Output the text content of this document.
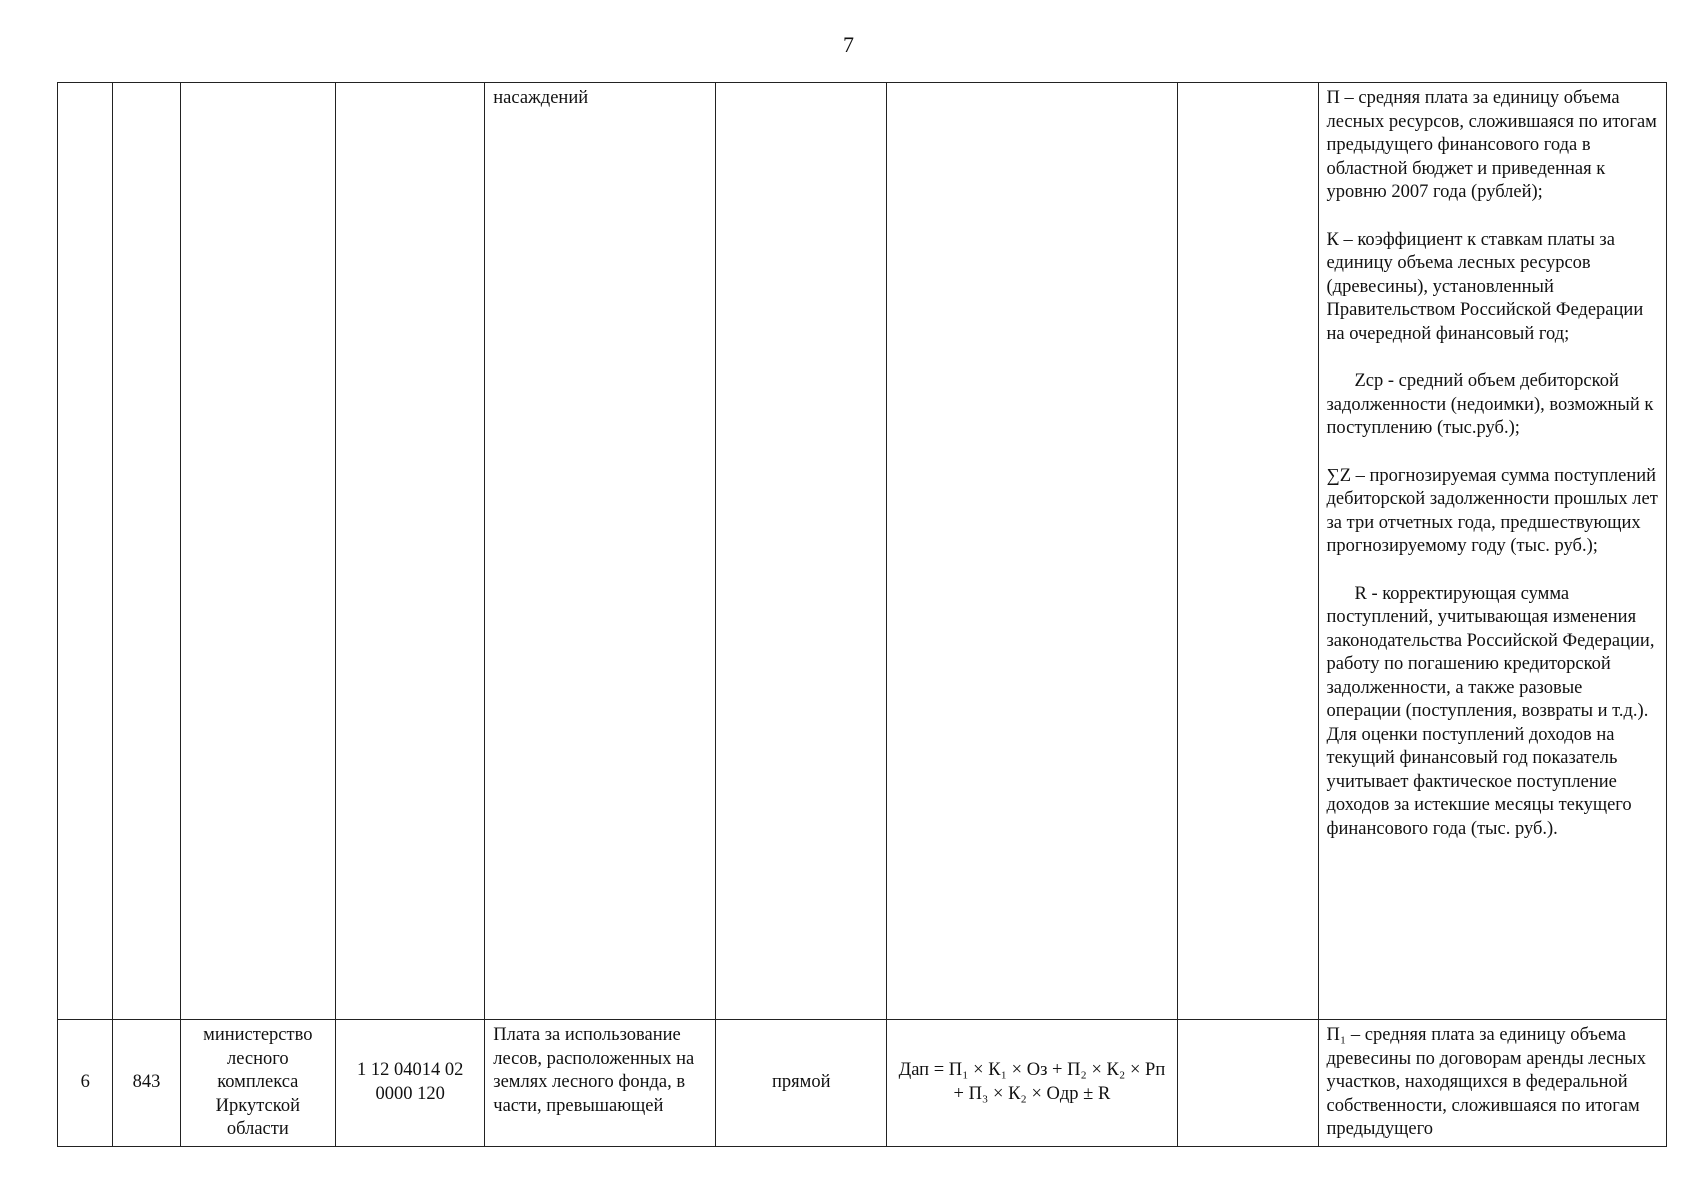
7
				насаждений				П – средняя плата за единицу объема лесных ресурсов, сложившаяся по итогам предыдущего финансового года в областной бюджет и приведенная к уровню 2007 года (рублей);

К – коэффициент к ставкам платы за единицу объема лесных ресурсов (древесины), установленный Правительством Российской Федерации на очередной финансовый год;

Zср - средний объем дебиторской задолженности (недоимки), возможный к поступлению (тыс.руб.);

∑Z – прогнозируемая сумма поступлений дебиторской задолженности прошлых лет за три отчетных года, предшествующих прогнозируемому году (тыс. руб.);

R - корректирующая сумма поступлений, учитывающая изменения законодательства Российской Федерации, работу по погашению кредиторской задолженности, а также разовые операции (поступления, возвраты и т.д.). Для оценки поступлений доходов на текущий финансовый год показатель учитывает фактическое поступление доходов за истекшие месяцы текущего финансового года (тыс. руб.).

6	843	министерство лесного комплекса Иркутской области	1 12 04014 02 0000 120	Плата за использование лесов, расположенных на землях лесного фонда, в части, превышающей	прямой	Дап = П₁ × К₁ × Оз + П₂ × К₂ × Рп + П₃ × К₂ × Oдр ± R		П₁ – средняя плата за единицу объема древесины по договорам аренды лесных участков, находящихся в федеральной собственности, сложившаяся по итогам предыдущего
